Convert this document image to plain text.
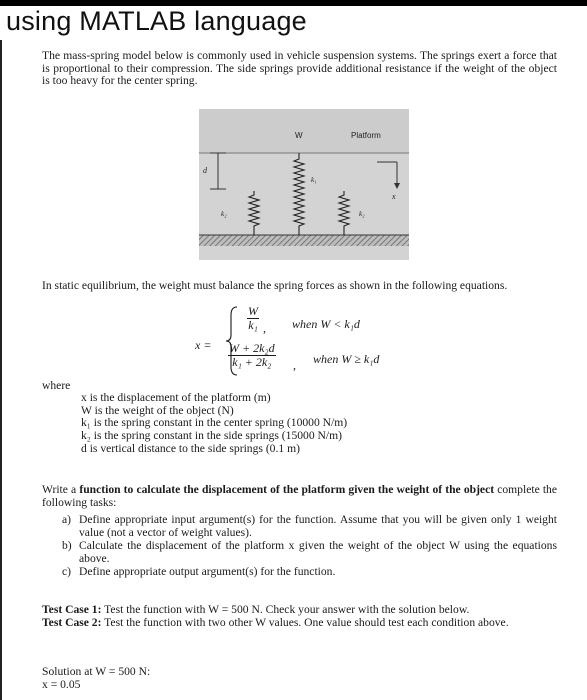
using MATLAB language
The mass-spring model below is commonly used in vehicle suspension systems. The springs exert a force that is proportional to their compression. The side springs provide additional resistance if the weight of the object is too heavy for the center spring.
W	Platform
d
x
k₂
k₁
k₂
In static equilibrium, the weight must balance the spring forces as shown in the following equations.
x =
$\frac{W}{\text{k₁}}$ , when W < k₁d
$\frac{\text{W + 2k₂d}}{\text{k₁ + 2k₂}}$ , when W ≥ k₁d
where
x is the displacement of the platform (m)
W is the weight of the object (N)
k₁ is the spring constant in the center spring (10000 N/m)
k₂ is the spring constant in the side springs (15000 N/m)
d is vertical distance to the side springs (0.1 m)
Write a function to calculate the displacement of the platform given the weight of the object complete the following tasks:
a) Define appropriate input argument(s) for the function. Assume that you will be given only 1 weight value (not a vector of weight values).
b) Calculate the displacement of the platform x given the weight of the object W using the equations above.
c) Define appropriate output argument(s) for the function.
Test Case 1: Test the function with W = 500 N. Check your answer with the solution below.
Test Case 2: Test the function with two other W values. One value should test each condition above.
Solution at W = 500 N:
x = 0.05
